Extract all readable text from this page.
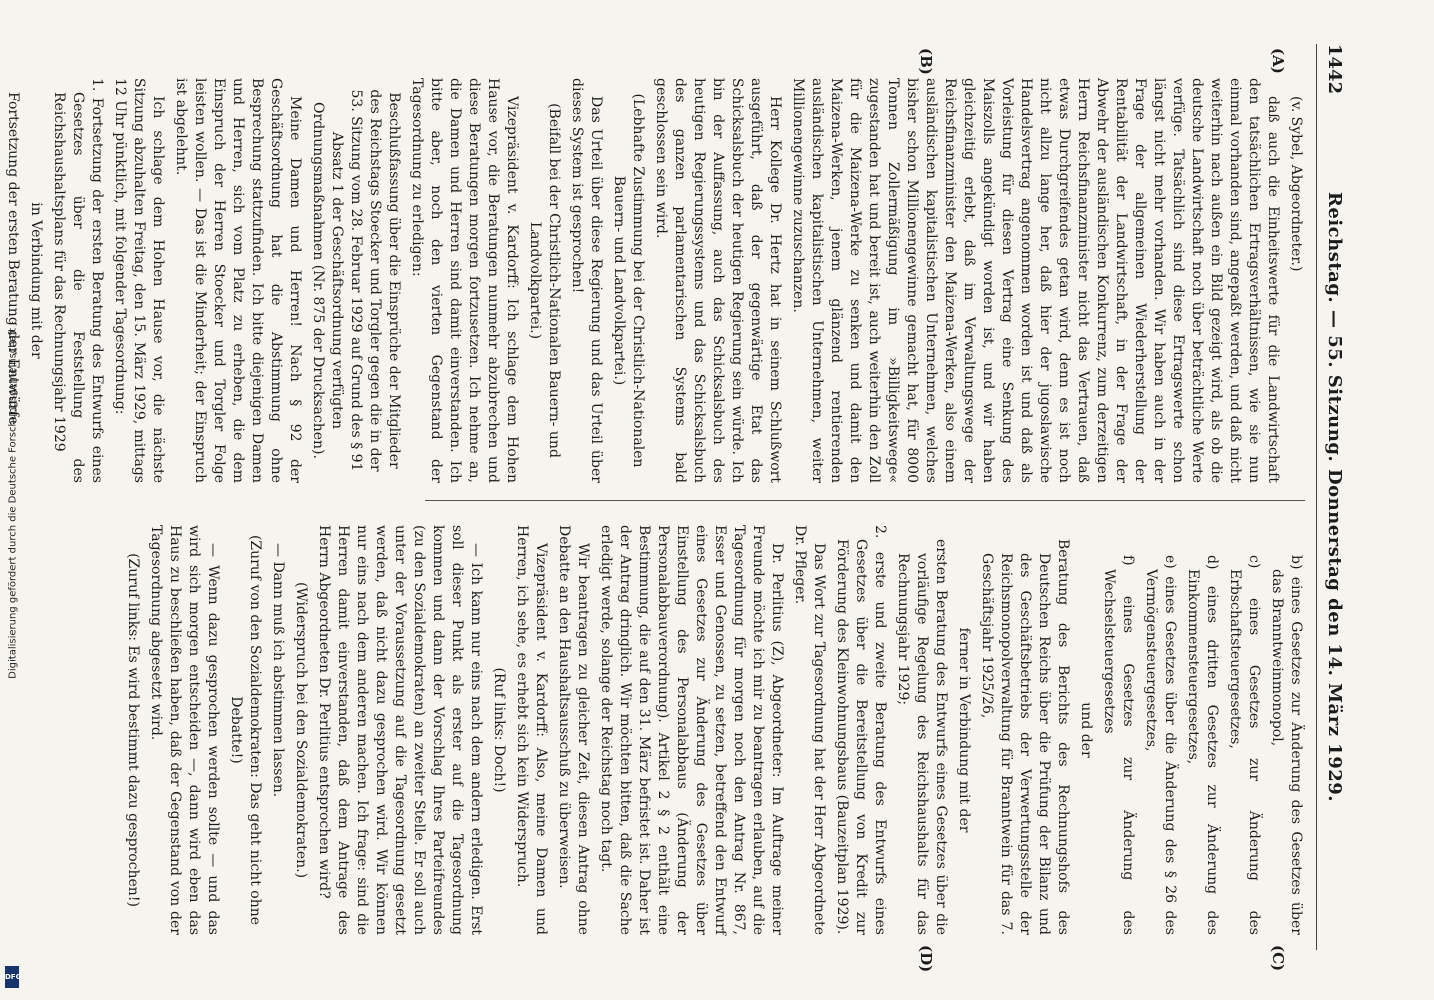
1442
Reichstag. — 55. Sitzung. Donnerstag den 14. März 1929.
(A)
(B)
(C)
(D)

(v. Sybel, Abgeordneter.)

daß auch die Einheitswerte für die Landwirtschaft den tatsächlichen Ertragsverhältnissen, wie sie nun einmal vorhanden sind, angepaßt werden, und daß nicht weiterhin nach außen ein Bild gezeigt wird, als ob die deutsche Landwirtschaft noch über beträchtliche Werte verfüge. Tatsächlich sind diese Ertragswerte schon längst nicht mehr vorhanden. Wir haben auch in der Frage der allgemeinen Wiederherstellung der Rentabilität der Landwirtschaft, in der Frage der Abwehr der ausländischen Konkurrenz, zum derzeitigen Herrn Reichsfinanzminister nicht das Vertrauen, daß etwas Durchgreifendes getan wird, denn es ist noch nicht allzu lange her, daß hier der jugoslawische Handelsvertrag angenommen worden ist und daß als Vorleistung für diesen Vertrag eine Senkung des Maiszolls angekündigt worden ist, und wir haben gleichzeitig erlebt, daß im Verwaltungswege der Reichsfinanzminister den Maizena-Werken, also einem ausländischen kapitalistischen Unternehmen, welches bisher schon Millionengewinne gemacht hat, für 8000 Tonnen Zollermäßigung im »Billigkeitswege« zugestanden hat und bereit ist, auch weiterhin den Zoll für die Maizena-Werke zu senken und damit den Maizena-Werken, jenem glänzend rentierenden ausländischen kapitalistischen Unternehmen, weiter Millionengewinne zuzuschanzen.

Herr Kollege Dr. Hertz hat in seinem Schlußwort ausgeführt, daß der gegenwärtige Etat das Schicksalsbuch der heutigen Regierung sein würde. Ich bin der Auffassung, auch das Schicksalsbuch des heutigen Regierungssystems und das Schicksalsbuch des ganzen parlamentarischen Systems bald geschlossen sein wird.

(Lebhafte Zustimmung bei der Christlich-Nationalen Bauern- und Landvolkpartei.)

Das Urteil über diese Regierung und das Urteil über dieses System ist gesprochen!

(Beifall bei der Christlich-Nationalen Bauern- und Landvolkpartei.)

Vizepräsident v. Kardorff: Ich schlage dem Hohen Hause vor, die Beratungen nunmehr abzubrechen und diese Beratungen morgen fortzusetzen. Ich nehme an, die Damen und Herren sind damit einverstanden. Ich bitte aber, noch den vierten Gegenstand der Tagesordnung zu erledigen:

Beschlußfassung über die Einsprüche der Mitglieder des Reichstags Stoecker und Torgler gegen die in der 53. Sitzung vom 28. Februar 1929 auf Grund des § 91 Absatz 1 der Geschäftsordnung verfügten Ordnungsmaßnahmen (Nr. 875 der Drucksachen).

Meine Damen und Herren! Nach § 92 der Geschäftsordnung hat die Abstimmung ohne Besprechung stattzufinden. Ich bitte diejenigen Damen und Herren, sich vom Platz zu erheben, die dem Einspruch der Herren Stoecker und Torgler Folge leisten wollen. — Das ist die Minderheit; der Einspruch ist abgelehnt.

Ich schlage dem Hohen Hause vor, die nächste Sitzung abzuhalten Freitag, den 15. März 1929, mittags 12 Uhr pünktlich, mit folgender Tagesordnung:

1. Fortsetzung der ersten Beratung des Entwurfs eines Gesetzes über die Feststellung des Reichshaushaltsplans für das Rechnungsjahr 1929

in Verbindung mit der

Fortsetzung der ersten Beratung der Entwürfe

b) eines Gesetzes zur Änderung des Gesetzes über das Branntweinmonopol,

c) eines Gesetzes zur Änderung des Erbschaftsteuergesetzes,

d) eines dritten Gesetzes zur Änderung des Einkommensteuergesetzes,

e) eines Gesetzes über die Änderung des § 26 des Vermögensteuergesetzes,

f) eines Gesetzes zur Änderung des Wechselsteuergesetzes

und der

Beratung des Berichts des Rechnungshofs des Deutschen Reichs über die Prüfung der Bilanz und des Geschäftsbetriebs der Verwertungsstelle der Reichsmonopolverwaltung für Branntwein für das 7. Geschäftsjahr 1925/26,

ferner in Verbindung mit der

ersten Beratung des Entwurfs eines Gesetzes über die vorläufige Regelung des Reichshaushalts für das Rechnungsjahr 1929;

2. erste und zweite Beratung des Entwurfs eines Gesetzes über die Bereitstellung von Kredit zur Förderung des Kleinwohnungsbaus (Bauzeitplan 1929).

Das Wort zur Tagesordnung hat der Herr Abgeordnete Dr. Pfleger.

Dr. Perlitius (Z), Abgeordneter: Im Auftrage meiner Freunde möchte ich mir zu beantragen erlauben, auf die Tagesordnung für morgen noch den Antrag Nr. 867, Esser und Genossen, zu setzen, betreffend den Entwurf eines Gesetzes zur Änderung des Gesetzes über Einstellung des Personalabbaus (Änderung der Personalabbauverordnung). Artikel 2 § 2 enthält eine Bestimmung, die auf den 31. März befristet ist. Daher ist der Antrag dringlich. Wir möchten bitten, daß die Sache erledigt werde, solange der Reichstag noch tagt.

Wir beantragen zu gleicher Zeit, diesen Antrag ohne Debatte an den Haushaltsausschuß zu überweisen.

Vizepräsident v. Kardorff: Also, meine Damen und Herren, ich sehe, es erhebt sich kein Widerspruch.

(Ruf links: Doch!)

— Ich kann nur eins nach dem andern erledigen. Erst soll dieser Punkt als erster auf die Tagesordnung kommen und dann der Vorschlag Ihres Parteifreundes (zu den Sozialdemokraten) an zweiter Stelle. Er soll auch unter der Voraussetzung auf die Tagesordnung gesetzt werden, daß nicht dazu gesprochen wird. Wir können nur eins nach dem anderen machen. Ich frage: sind die Herren damit einverstanden, daß dem Antrage des Herrn Abgeordneten Dr. Perlitius entsprochen wird?

(Widerspruch bei den Sozialdemokraten.)

— Dann muß ich abstimmen lassen.

(Zuruf von den Sozialdemokraten: Das geht nicht ohne Debatte!)

— Wenn dazu gesprochen werden sollte — und das wird sich morgen entscheiden —, dann wird eben das Haus zu beschließen haben, daß der Gegenstand von der Tagesordnung abgesetzt wird.

(Zuruf links: Es wird bestimmt dazu gesprochen!)

Digitalisierung gefördert durch die Deutsche Forschungsgemeinschaft -
DFG
